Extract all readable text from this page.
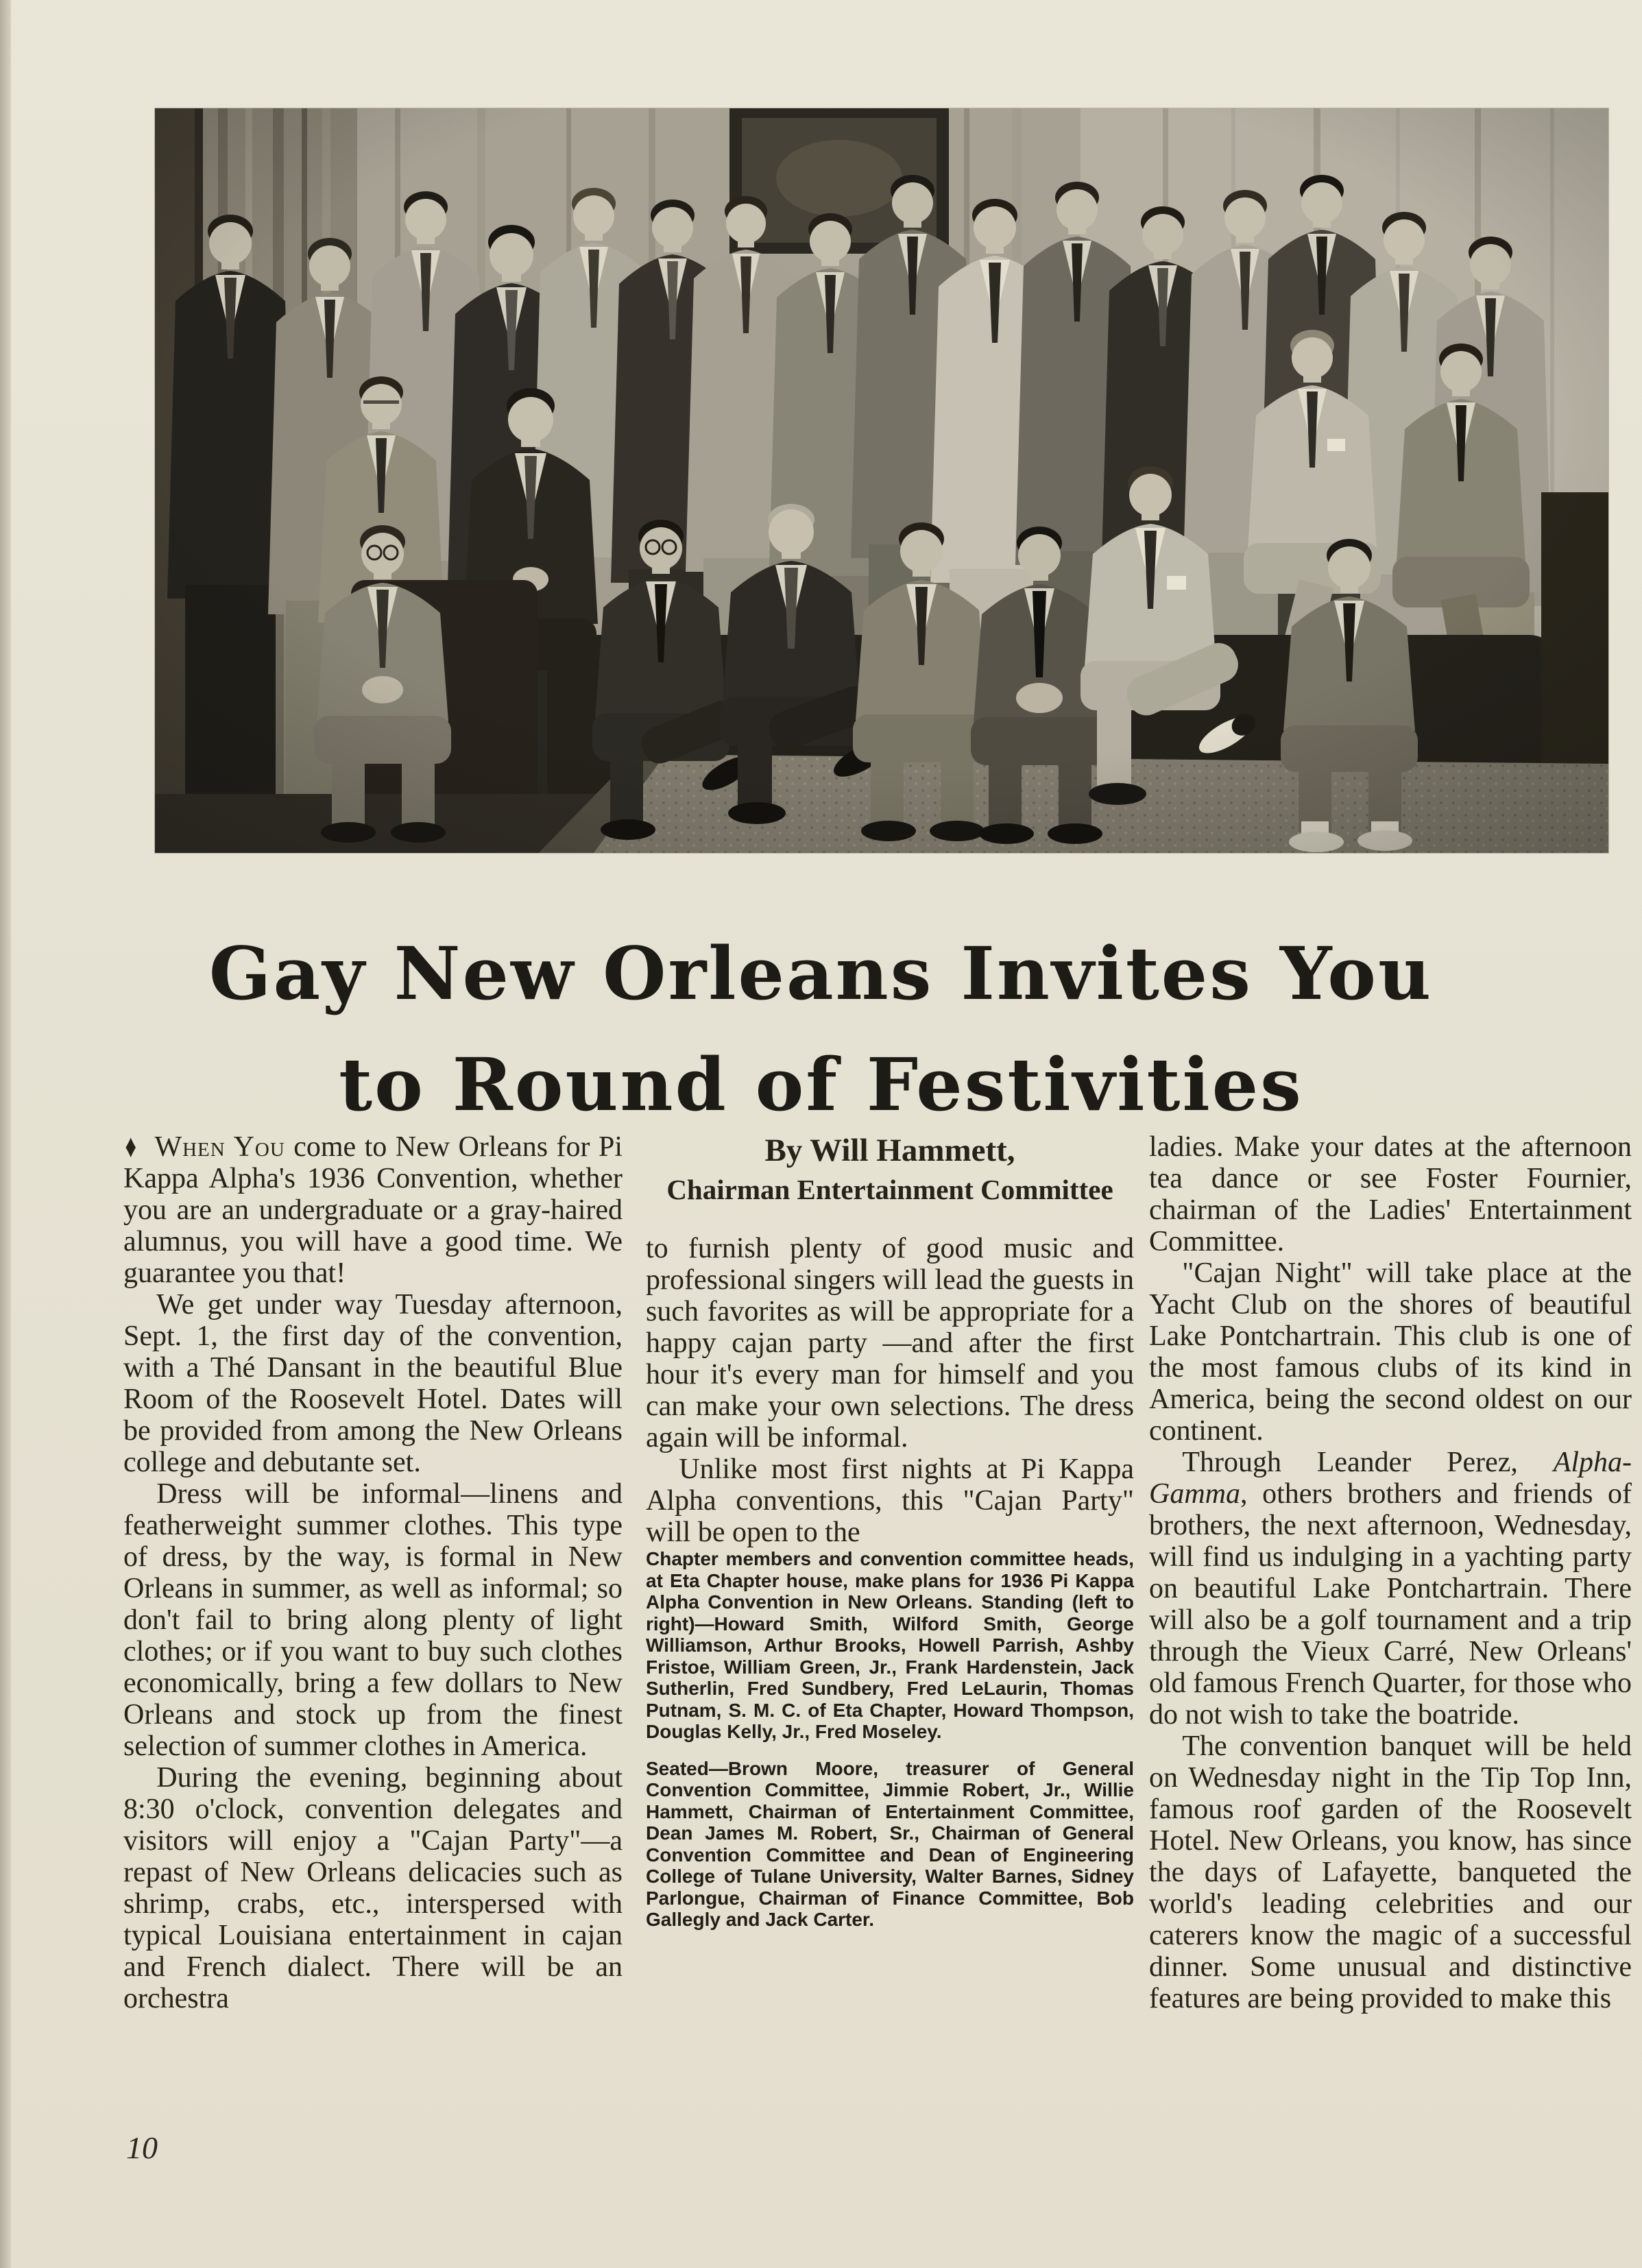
Gay New Orleans Invites You
to Round of Festivities

♦ When You come to New Orleans for Pi Kappa Alpha's 1936 Convention, whether you are an undergraduate or a gray-haired alumnus, you will have a good time. We guarantee you that!

We get under way Tuesday afternoon, Sept. 1, the first day of the convention, with a Thé Dansant in the beautiful Blue Room of the Roosevelt Hotel. Dates will be provided from among the New Orleans college and debutante set.

Dress will be informal—linens and featherweight summer clothes. This type of dress, by the way, is formal in New Orleans in summer, as well as informal; so don't fail to bring along plenty of light clothes; or if you want to buy such clothes economically, bring a few dollars to New Orleans and stock up from the finest selection of summer clothes in America.

During the evening, beginning about 8:30 o'clock, convention delegates and visitors will enjoy a "Cajan Party"—a repast of New Orleans delicacies such as shrimp, crabs, etc., interspersed with typical Louisiana entertainment in cajan and French dialect. There will be an orchestra

By Will Hammett,
Chairman Entertainment Committee

to furnish plenty of good music and professional singers will lead the guests in such favorites as will be appropriate for a happy cajan party —and after the first hour it's every man for himself and you can make your own selections. The dress again will be informal.

Unlike most first nights at Pi Kappa Alpha conventions, this "Cajan Party" will be open to the

Chapter members and convention committee heads, at Eta Chapter house, make plans for 1936 Pi Kappa Alpha Convention in New Orleans. Standing (left to right)—Howard Smith, Wilford Smith, George Williamson, Arthur Brooks, Howell Parrish, Ashby Fristoe, William Green, Jr., Frank Hardenstein, Jack Sutherlin, Fred Sundbery, Fred LeLaurin, Thomas Putnam, S. M. C. of Eta Chapter, Howard Thompson, Douglas Kelly, Jr., Fred Moseley.

Seated—Brown Moore, treasurer of General Convention Committee, Jimmie Robert, Jr., Willie Hammett, Chairman of Entertainment Committee, Dean James M. Robert, Sr., Chairman of General Convention Committee and Dean of Engineering College of Tulane University, Walter Barnes, Sidney Parlongue, Chairman of Finance Committee, Bob Gallegly and Jack Carter.

ladies. Make your dates at the afternoon tea dance or see Foster Fournier, chairman of the Ladies' Entertainment Committee.

"Cajan Night" will take place at the Yacht Club on the shores of beautiful Lake Pontchartrain. This club is one of the most famous clubs of its kind in America, being the second oldest on our continent.

Through Leander Perez, Alpha-Gamma, others brothers and friends of brothers, the next afternoon, Wednesday, will find us indulging in a yachting party on beautiful Lake Pontchartrain. There will also be a golf tournament and a trip through the Vieux Carré, New Orleans' old famous French Quarter, for those who do not wish to take the boatride.

The convention banquet will be held on Wednesday night in the Tip Top Inn, famous roof garden of the Roosevelt Hotel. New Orleans, you know, has since the days of Lafayette, banqueted the world's leading celebrities and our caterers know the magic of a successful dinner. Some unusual and distinctive features are being provided to make this

10
